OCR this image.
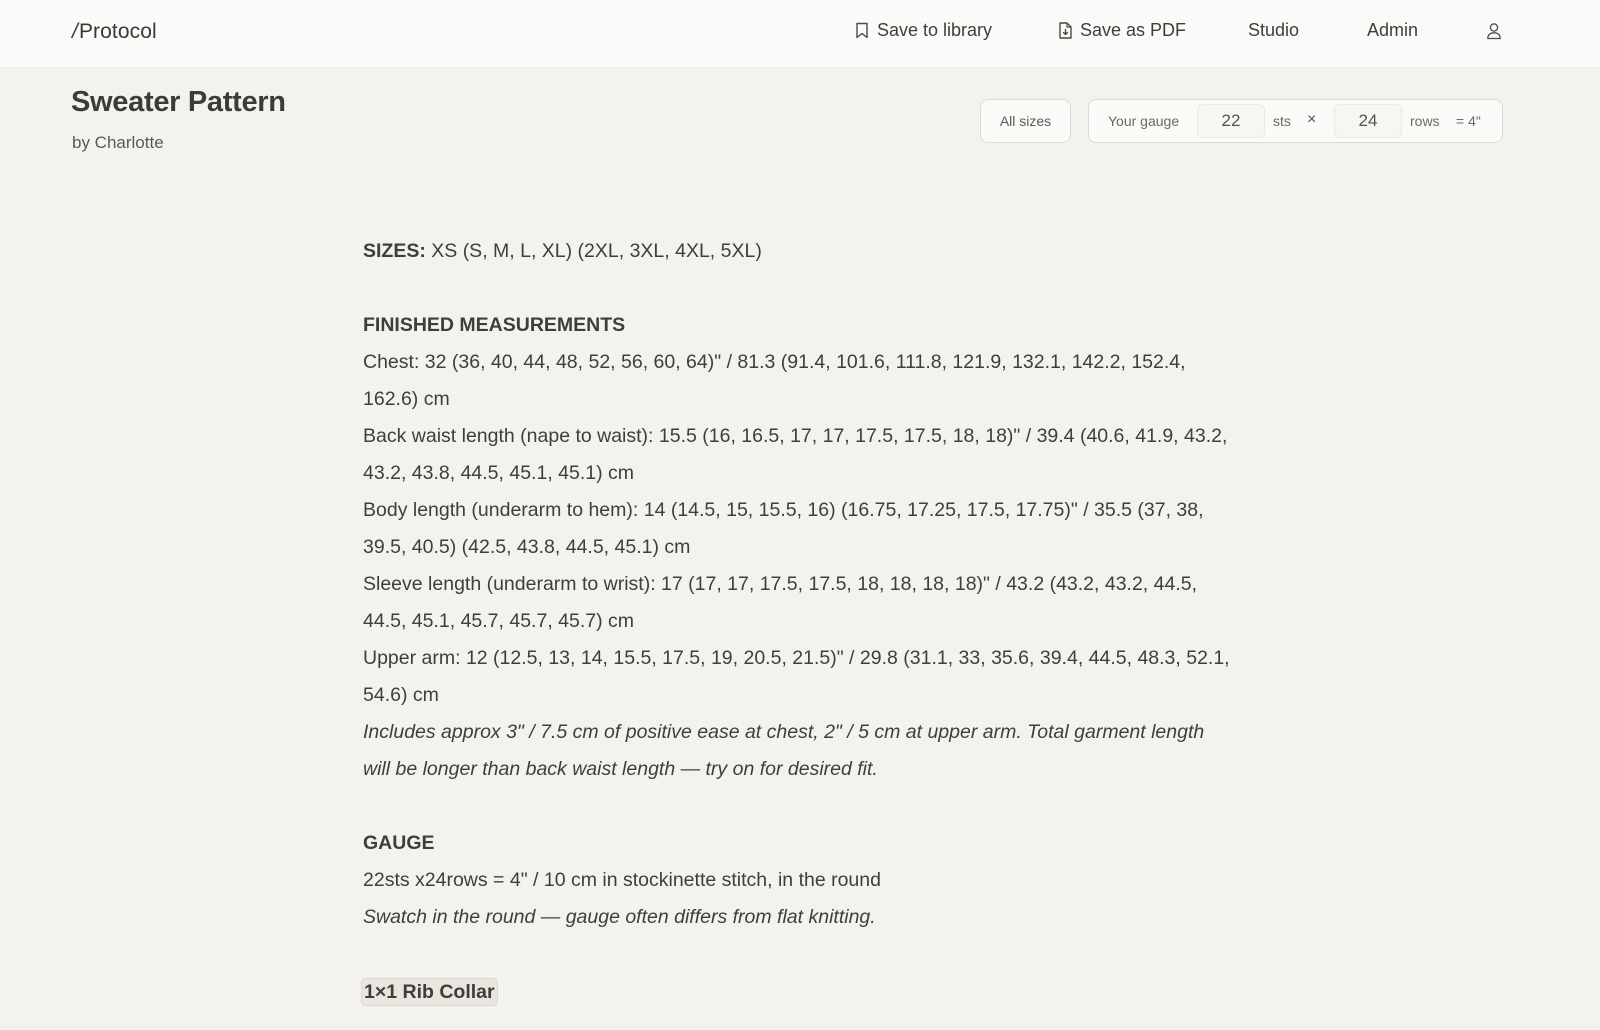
/Protocol	Save to library	Save as PDF	Studio	Admin
Sweater Pattern
by Charlotte
All sizes	Your gauge
22	sts ×
24	rows = 4"

SIZES: XS (S, M, L, XL) (2XL, 3XL, 4XL, 5XL)

FINISHED MEASUREMENTS

Chest: 32 (36, 40, 44, 48, 52, 56, 60, 64)" / 81.3 (91.4, 101.6, 111.8, 121.9, 132.1, 142.2, 152.4, 162.6) cm

Back waist length (nape to waist): 15.5 (16, 16.5, 17, 17, 17.5, 17.5, 18, 18)" / 39.4 (40.6, 41.9, 43.2, 43.2, 43.8, 44.5, 45.1, 45.1) cm

Body length (underarm to hem): 14 (14.5, 15, 15.5, 16) (16.75, 17.25, 17.5, 17.75)" / 35.5 (37, 38, 39.5, 40.5) (42.5, 43.8, 44.5, 45.1) cm

Sleeve length (underarm to wrist): 17 (17, 17, 17.5, 17.5, 18, 18, 18, 18)" / 43.2 (43.2, 43.2, 44.5, 44.5, 45.1, 45.7, 45.7, 45.7) cm

Upper arm: 12 (12.5, 13, 14, 15.5, 17.5, 19, 20.5, 21.5)" / 29.8 (31.1, 33, 35.6, 39.4, 44.5, 48.3, 52.1, 54.6) cm

Includes approx 3" / 7.5 cm of positive ease at chest, 2" / 5 cm at upper arm. Total garment length will be longer than back waist length — try on for desired fit.

GAUGE

22sts x24rows = 4" / 10 cm in stockinette stitch, in the round

Swatch in the round — gauge often differs from flat knitting.

1×1 Rib Collar
